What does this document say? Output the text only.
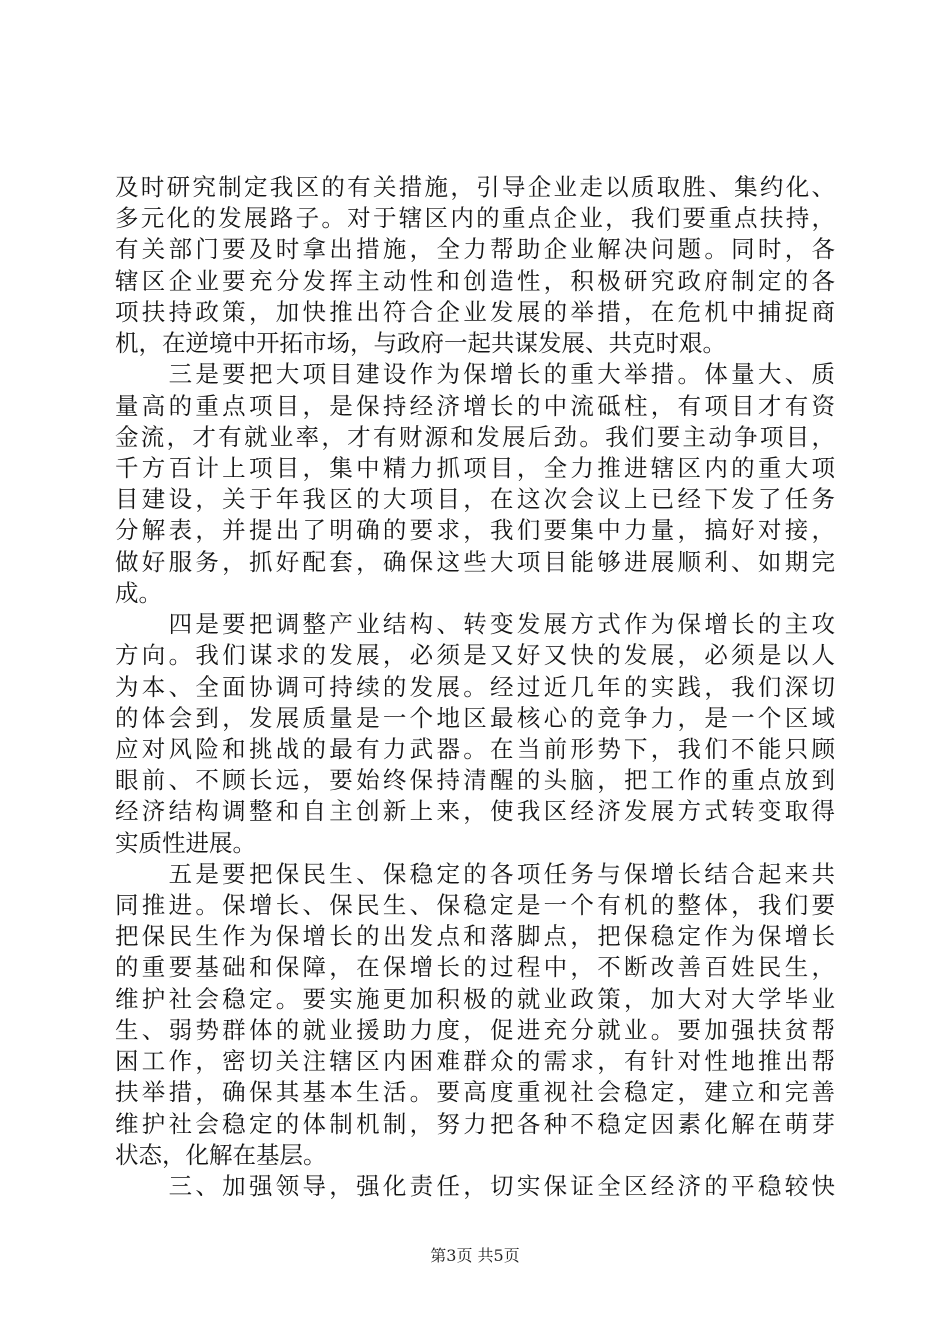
及时研究制定我区的有关措施，引导企业走以质取胜、集约化、
多元化的发展路子。对于辖区内的重点企业，我们要重点扶持，
有关部门要及时拿出措施，全力帮助企业解决问题。同时，各
辖区企业要充分发挥主动性和创造性，积极研究政府制定的各
项扶持政策，加快推出符合企业发展的举措，在危机中捕捉商
机，在逆境中开拓市场，与政府一起共谋发展、共克时艰。
　　三是要把大项目建设作为保增长的重大举措。体量大、质
量高的重点项目，是保持经济增长的中流砥柱，有项目才有资
金流，才有就业率，才有财源和发展后劲。我们要主动争项目，
千方百计上项目，集中精力抓项目，全力推进辖区内的重大项
目建设，关于年我区的大项目，在这次会议上已经下发了任务
分解表，并提出了明确的要求，我们要集中力量，搞好对接，
做好服务，抓好配套，确保这些大项目能够进展顺利、如期完
成。
　　四是要把调整产业结构、转变发展方式作为保增长的主攻
方向。我们谋求的发展，必须是又好又快的发展，必须是以人
为本、全面协调可持续的发展。经过近几年的实践，我们深切
的体会到，发展质量是一个地区最核心的竞争力，是一个区域
应对风险和挑战的最有力武器。在当前形势下，我们不能只顾
眼前、不顾长远，要始终保持清醒的头脑，把工作的重点放到
经济结构调整和自主创新上来，使我区经济发展方式转变取得
实质性进展。
　　五是要把保民生、保稳定的各项任务与保增长结合起来共
同推进。保增长、保民生、保稳定是一个有机的整体，我们要
把保民生作为保增长的出发点和落脚点，把保稳定作为保增长
的重要基础和保障，在保增长的过程中，不断改善百姓民生，
维护社会稳定。要实施更加积极的就业政策，加大对大学毕业
生、弱势群体的就业援助力度，促进充分就业。要加强扶贫帮
困工作，密切关注辖区内困难群众的需求，有针对性地推出帮
扶举措，确保其基本生活。要高度重视社会稳定，建立和完善
维护社会稳定的体制机制，努力把各种不稳定因素化解在萌芽
状态，化解在基层。
　　三、加强领导，强化责任，切实保证全区经济的平稳较快
第3页 共5页
